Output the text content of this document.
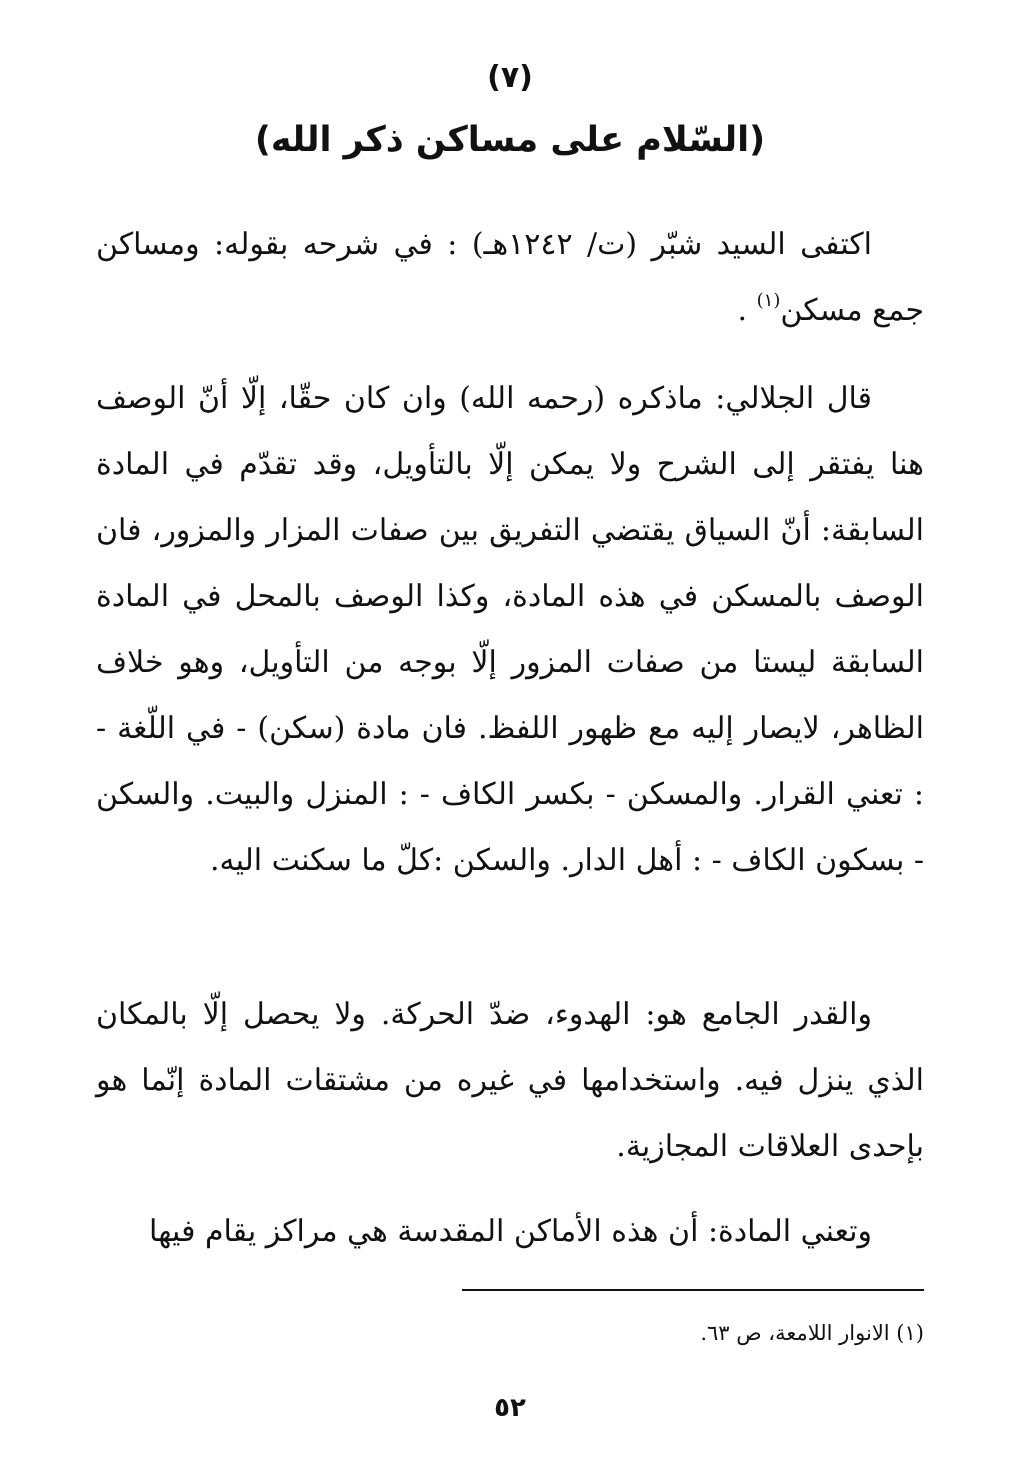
(٧)
(السّلام على مساكن ذكر الله)

اكتفى السيد شبّر (ت/ ١٢٤٢هـ) : في شرحه بقوله: ومساكن جمع مسكن$^{(١)}$ .

قال الجلالي: ماذكره (رحمه الله) وان كان حقّا، إلّا أنّ الوصف هنا يفتقر إلى الشرح ولا يمكن إلّا بالتأويل، وقد تقدّم في المادة السابقة: أنّ السياق يقتضي التفريق بين صفات المزار والمزور، فان الوصف بالمسكن في هذه المادة، وكذا الوصف بالمحل في المادة السابقة ليستا من صفات المزور إلّا بوجه من التأويل، وهو خلاف الظاهر، لايصار إليه مع ظهور اللفظ. فان مادة (سكن) - في اللّغة - : تعني القرار. والمسكن - بكسر الكاف - : المنزل والبيت. والسكن - بسكون الكاف - : أهل الدار. والسكن :كلّ ما سكنت اليه.

والقدر الجامع هو: الهدوء، ضدّ الحركة. ولا يحصل إلّا بالمكان الذي ينزل فيه. واستخدامها في غيره من مشتقات المادة إنّما هو بإحدى العلاقات المجازية.

وتعني المادة: أن هذه الأماكن المقدسة هي مراكز يقام فيها

(١) الانوار اللامعة، ص ٦٣.
٥٢
